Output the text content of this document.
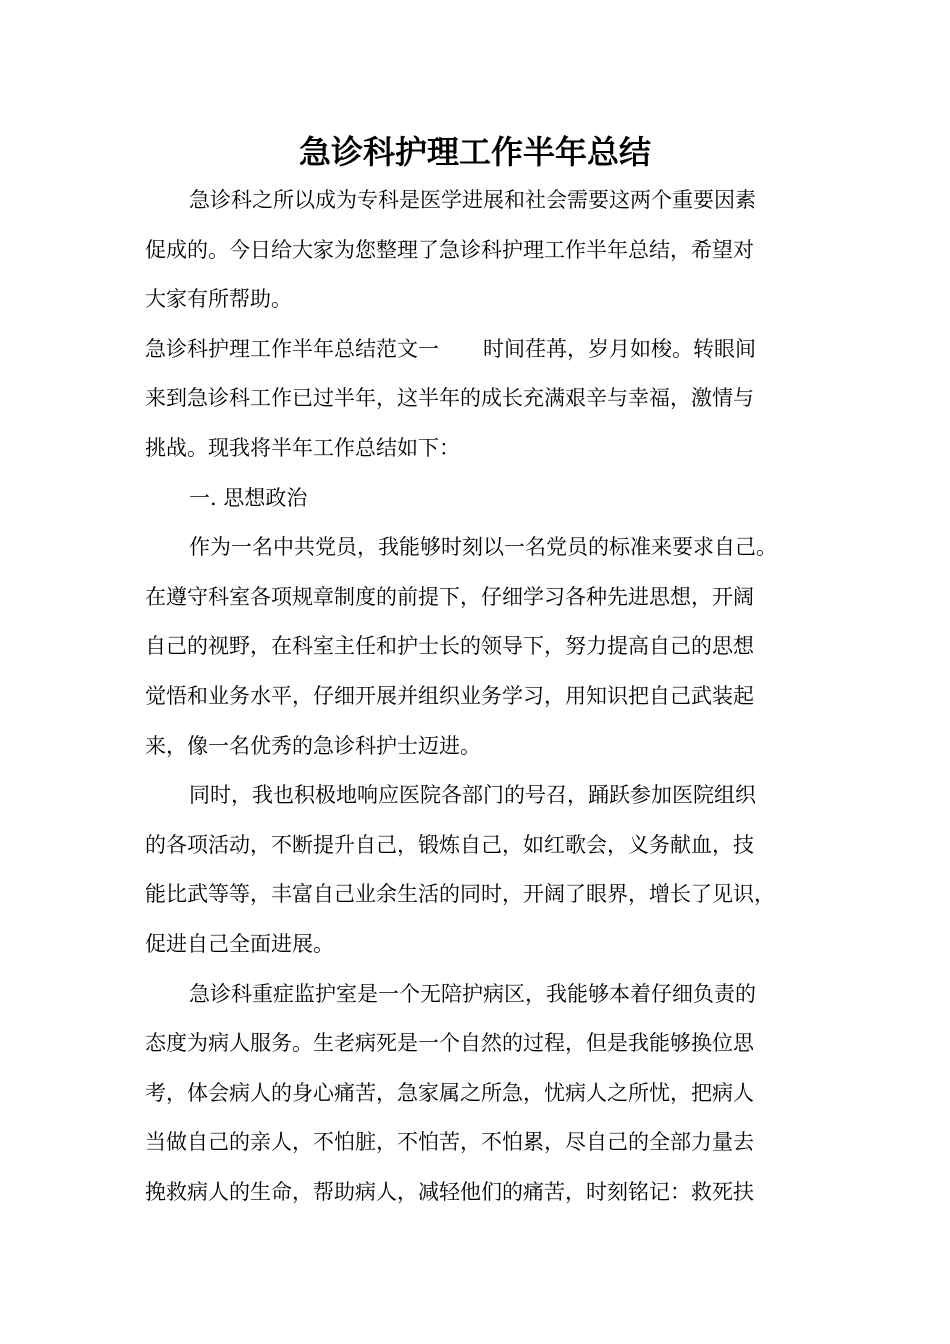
急诊科护理工作半年总结
急诊科之所以成为专科是医学进展和社会需要这两个重要因素
促成的。今日给大家为您整理了急诊科护理工作半年总结，希望对
大家有所帮助。
急诊科护理工作半年总结范文一 时间荏苒，岁月如梭。转眼间
来到急诊科工作已过半年，这半年的成长充满艰辛与幸福，激情与
挑战。现我将半年工作总结如下：
一. 思想政治
作为一名中共党员，我能够时刻以一名党员的标准来要求自己。
在遵守科室各项规章制度的前提下，仔细学习各种先进思想，开阔
自己的视野，在科室主任和护士长的领导下，努力提高自己的思想
觉悟和业务水平，仔细开展并组织业务学习，用知识把自己武装起
来，像一名优秀的急诊科护士迈进。
同时，我也积极地响应医院各部门的号召，踊跃参加医院组织
的各项活动，不断提升自己，锻炼自己，如红歌会，义务献血，技
能比武等等，丰富自己业余生活的同时，开阔了眼界，增长了见识，
促进自己全面进展。
急诊科重症监护室是一个无陪护病区，我能够本着仔细负责的
态度为病人服务。生老病死是一个自然的过程，但是我能够换位思
考，体会病人的身心痛苦，急家属之所急，忧病人之所忧，把病人
当做自己的亲人，不怕脏，不怕苦，不怕累，尽自己的全部力量去
挽救病人的生命，帮助病人，减轻他们的痛苦，时刻铭记：救死扶
